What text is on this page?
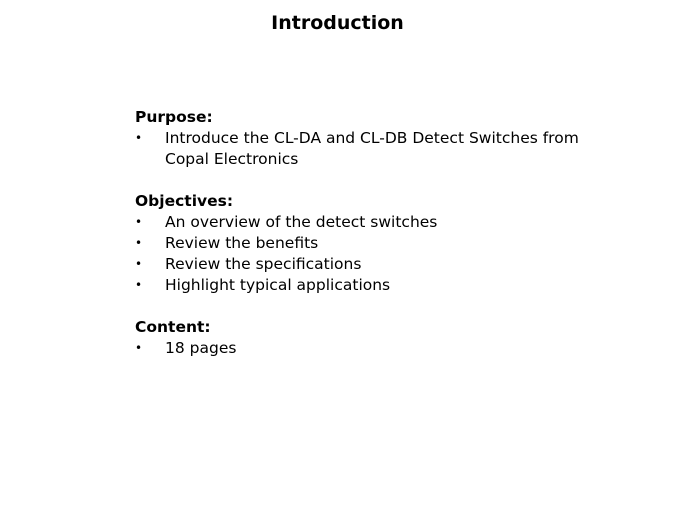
Introduction
Purpose:
• Introduce the CL-DA and CL-DB Detect Switches from Copal Electronics
Objectives:
• An overview of the detect switches
• Review the benefits
• Review the specifications
• Highlight typical applications
Content:
• 18 pages
